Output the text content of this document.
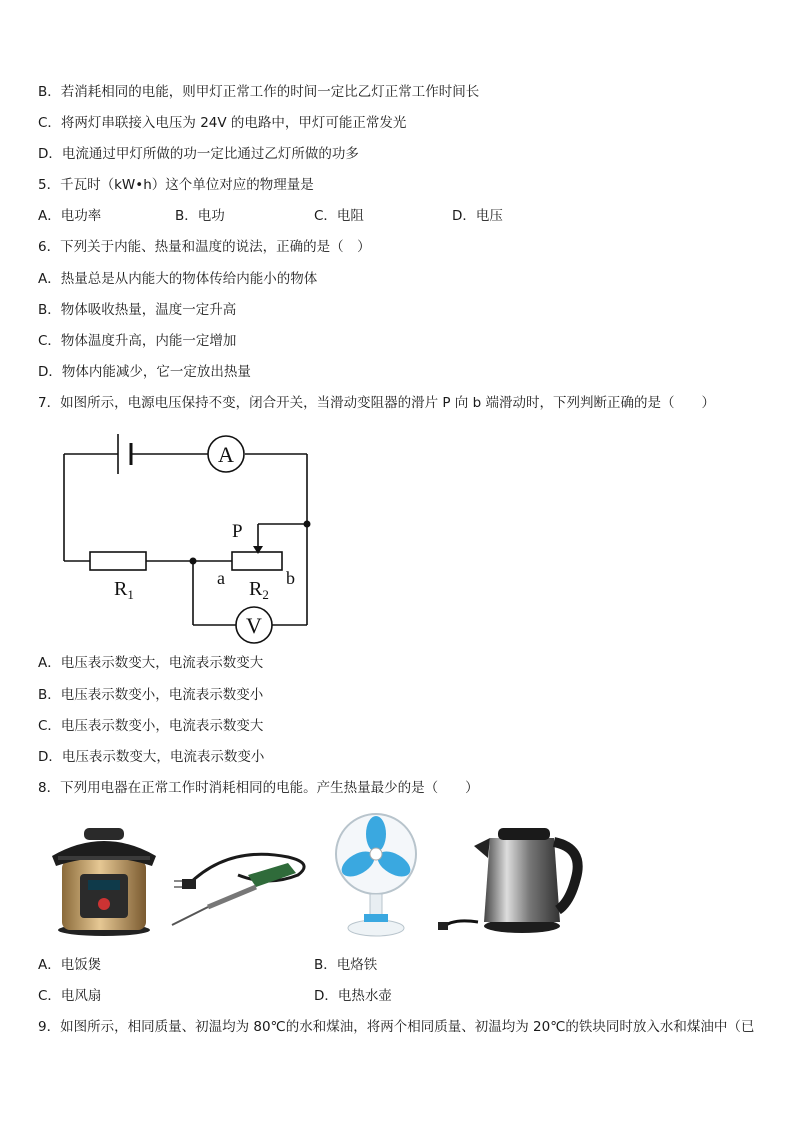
B．若消耗相同的电能，则甲灯正常工作的时间一定比乙灯正常工作时间长
C．将两灯串联接入电压为 24V 的电路中，甲灯可能正常发光
D．电流通过甲灯所做的功一定比通过乙灯所做的功多
5．千瓦时（kW•h）这个单位对应的物理量是
A．电功率	B．电功	C．电阻	D．电压
6．下列关于内能、热量和温度的说法，正确的是（　）
A．热量总是从内能大的物体传给内能小的物体
B．物体吸收热量，温度一定升高
C．物体温度升高，内能一定增加
D．物体内能减少，它一定放出热量
7．如图所示，电源电压保持不变，闭合开关，当滑动变阻器的滑片 P 向 b 端滑动时，下列判断正确的是（　　）
A
$R_1$
P
a	b
$R_2$
V
A．电压表示数变大，电流表示数变大
B．电压表示数变小，电流表示数变小
C．电压表示数变小，电流表示数变大
D．电压表示数变大，电流表示数变小
8．下列用电器在正常工作时消耗相同的电能。产生热量最少的是（　　）
A．电饭煲	B．电烙铁
C．电风扇	D．电热水壶
9．如图所示，相同质量、初温均为 80℃的水和煤油，将两个相同质量、初温均为 20℃的铁块同时放入水和煤油中（已
